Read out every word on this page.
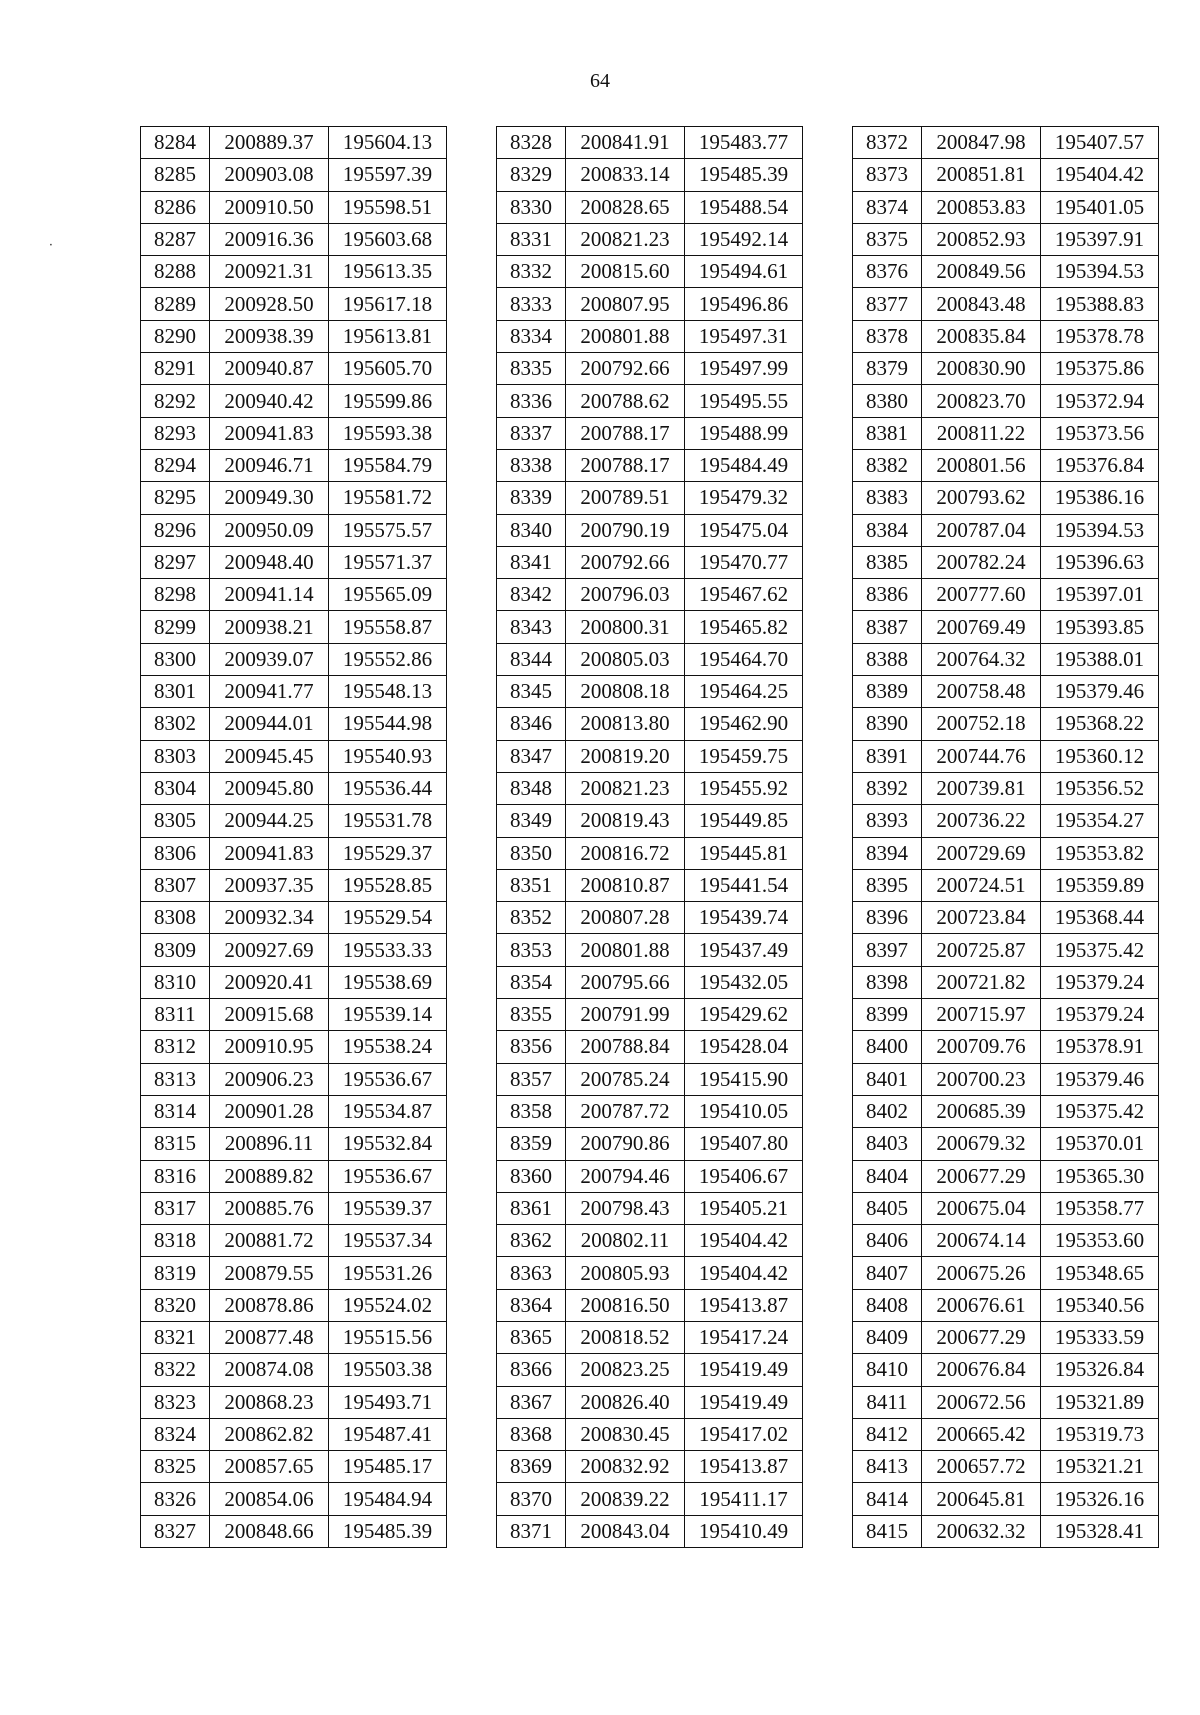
64
‧
8284	200889.37	195604.13
8285	200903.08	195597.39
8286	200910.50	195598.51
8287	200916.36	195603.68
8288	200921.31	195613.35
8289	200928.50	195617.18
8290	200938.39	195613.81
8291	200940.87	195605.70
8292	200940.42	195599.86
8293	200941.83	195593.38
8294	200946.71	195584.79
8295	200949.30	195581.72
8296	200950.09	195575.57
8297	200948.40	195571.37
8298	200941.14	195565.09
8299	200938.21	195558.87
8300	200939.07	195552.86
8301	200941.77	195548.13
8302	200944.01	195544.98
8303	200945.45	195540.93
8304	200945.80	195536.44
8305	200944.25	195531.78
8306	200941.83	195529.37
8307	200937.35	195528.85
8308	200932.34	195529.54
8309	200927.69	195533.33
8310	200920.41	195538.69
8311	200915.68	195539.14
8312	200910.95	195538.24
8313	200906.23	195536.67
8314	200901.28	195534.87
8315	200896.11	195532.84
8316	200889.82	195536.67
8317	200885.76	195539.37
8318	200881.72	195537.34
8319	200879.55	195531.26
8320	200878.86	195524.02
8321	200877.48	195515.56
8322	200874.08	195503.38
8323	200868.23	195493.71
8324	200862.82	195487.41
8325	200857.65	195485.17
8326	200854.06	195484.94
8327	200848.66	195485.39
8328	200841.91	195483.77
8329	200833.14	195485.39
8330	200828.65	195488.54
8331	200821.23	195492.14
8332	200815.60	195494.61
8333	200807.95	195496.86
8334	200801.88	195497.31
8335	200792.66	195497.99
8336	200788.62	195495.55
8337	200788.17	195488.99
8338	200788.17	195484.49
8339	200789.51	195479.32
8340	200790.19	195475.04
8341	200792.66	195470.77
8342	200796.03	195467.62
8343	200800.31	195465.82
8344	200805.03	195464.70
8345	200808.18	195464.25
8346	200813.80	195462.90
8347	200819.20	195459.75
8348	200821.23	195455.92
8349	200819.43	195449.85
8350	200816.72	195445.81
8351	200810.87	195441.54
8352	200807.28	195439.74
8353	200801.88	195437.49
8354	200795.66	195432.05
8355	200791.99	195429.62
8356	200788.84	195428.04
8357	200785.24	195415.90
8358	200787.72	195410.05
8359	200790.86	195407.80
8360	200794.46	195406.67
8361	200798.43	195405.21
8362	200802.11	195404.42
8363	200805.93	195404.42
8364	200816.50	195413.87
8365	200818.52	195417.24
8366	200823.25	195419.49
8367	200826.40	195419.49
8368	200830.45	195417.02
8369	200832.92	195413.87
8370	200839.22	195411.17
8371	200843.04	195410.49
8372	200847.98	195407.57
8373	200851.81	195404.42
8374	200853.83	195401.05
8375	200852.93	195397.91
8376	200849.56	195394.53
8377	200843.48	195388.83
8378	200835.84	195378.78
8379	200830.90	195375.86
8380	200823.70	195372.94
8381	200811.22	195373.56
8382	200801.56	195376.84
8383	200793.62	195386.16
8384	200787.04	195394.53
8385	200782.24	195396.63
8386	200777.60	195397.01
8387	200769.49	195393.85
8388	200764.32	195388.01
8389	200758.48	195379.46
8390	200752.18	195368.22
8391	200744.76	195360.12
8392	200739.81	195356.52
8393	200736.22	195354.27
8394	200729.69	195353.82
8395	200724.51	195359.89
8396	200723.84	195368.44
8397	200725.87	195375.42
8398	200721.82	195379.24
8399	200715.97	195379.24
8400	200709.76	195378.91
8401	200700.23	195379.46
8402	200685.39	195375.42
8403	200679.32	195370.01
8404	200677.29	195365.30
8405	200675.04	195358.77
8406	200674.14	195353.60
8407	200675.26	195348.65
8408	200676.61	195340.56
8409	200677.29	195333.59
8410	200676.84	195326.84
8411	200672.56	195321.89
8412	200665.42	195319.73
8413	200657.72	195321.21
8414	200645.81	195326.16
8415	200632.32	195328.41
